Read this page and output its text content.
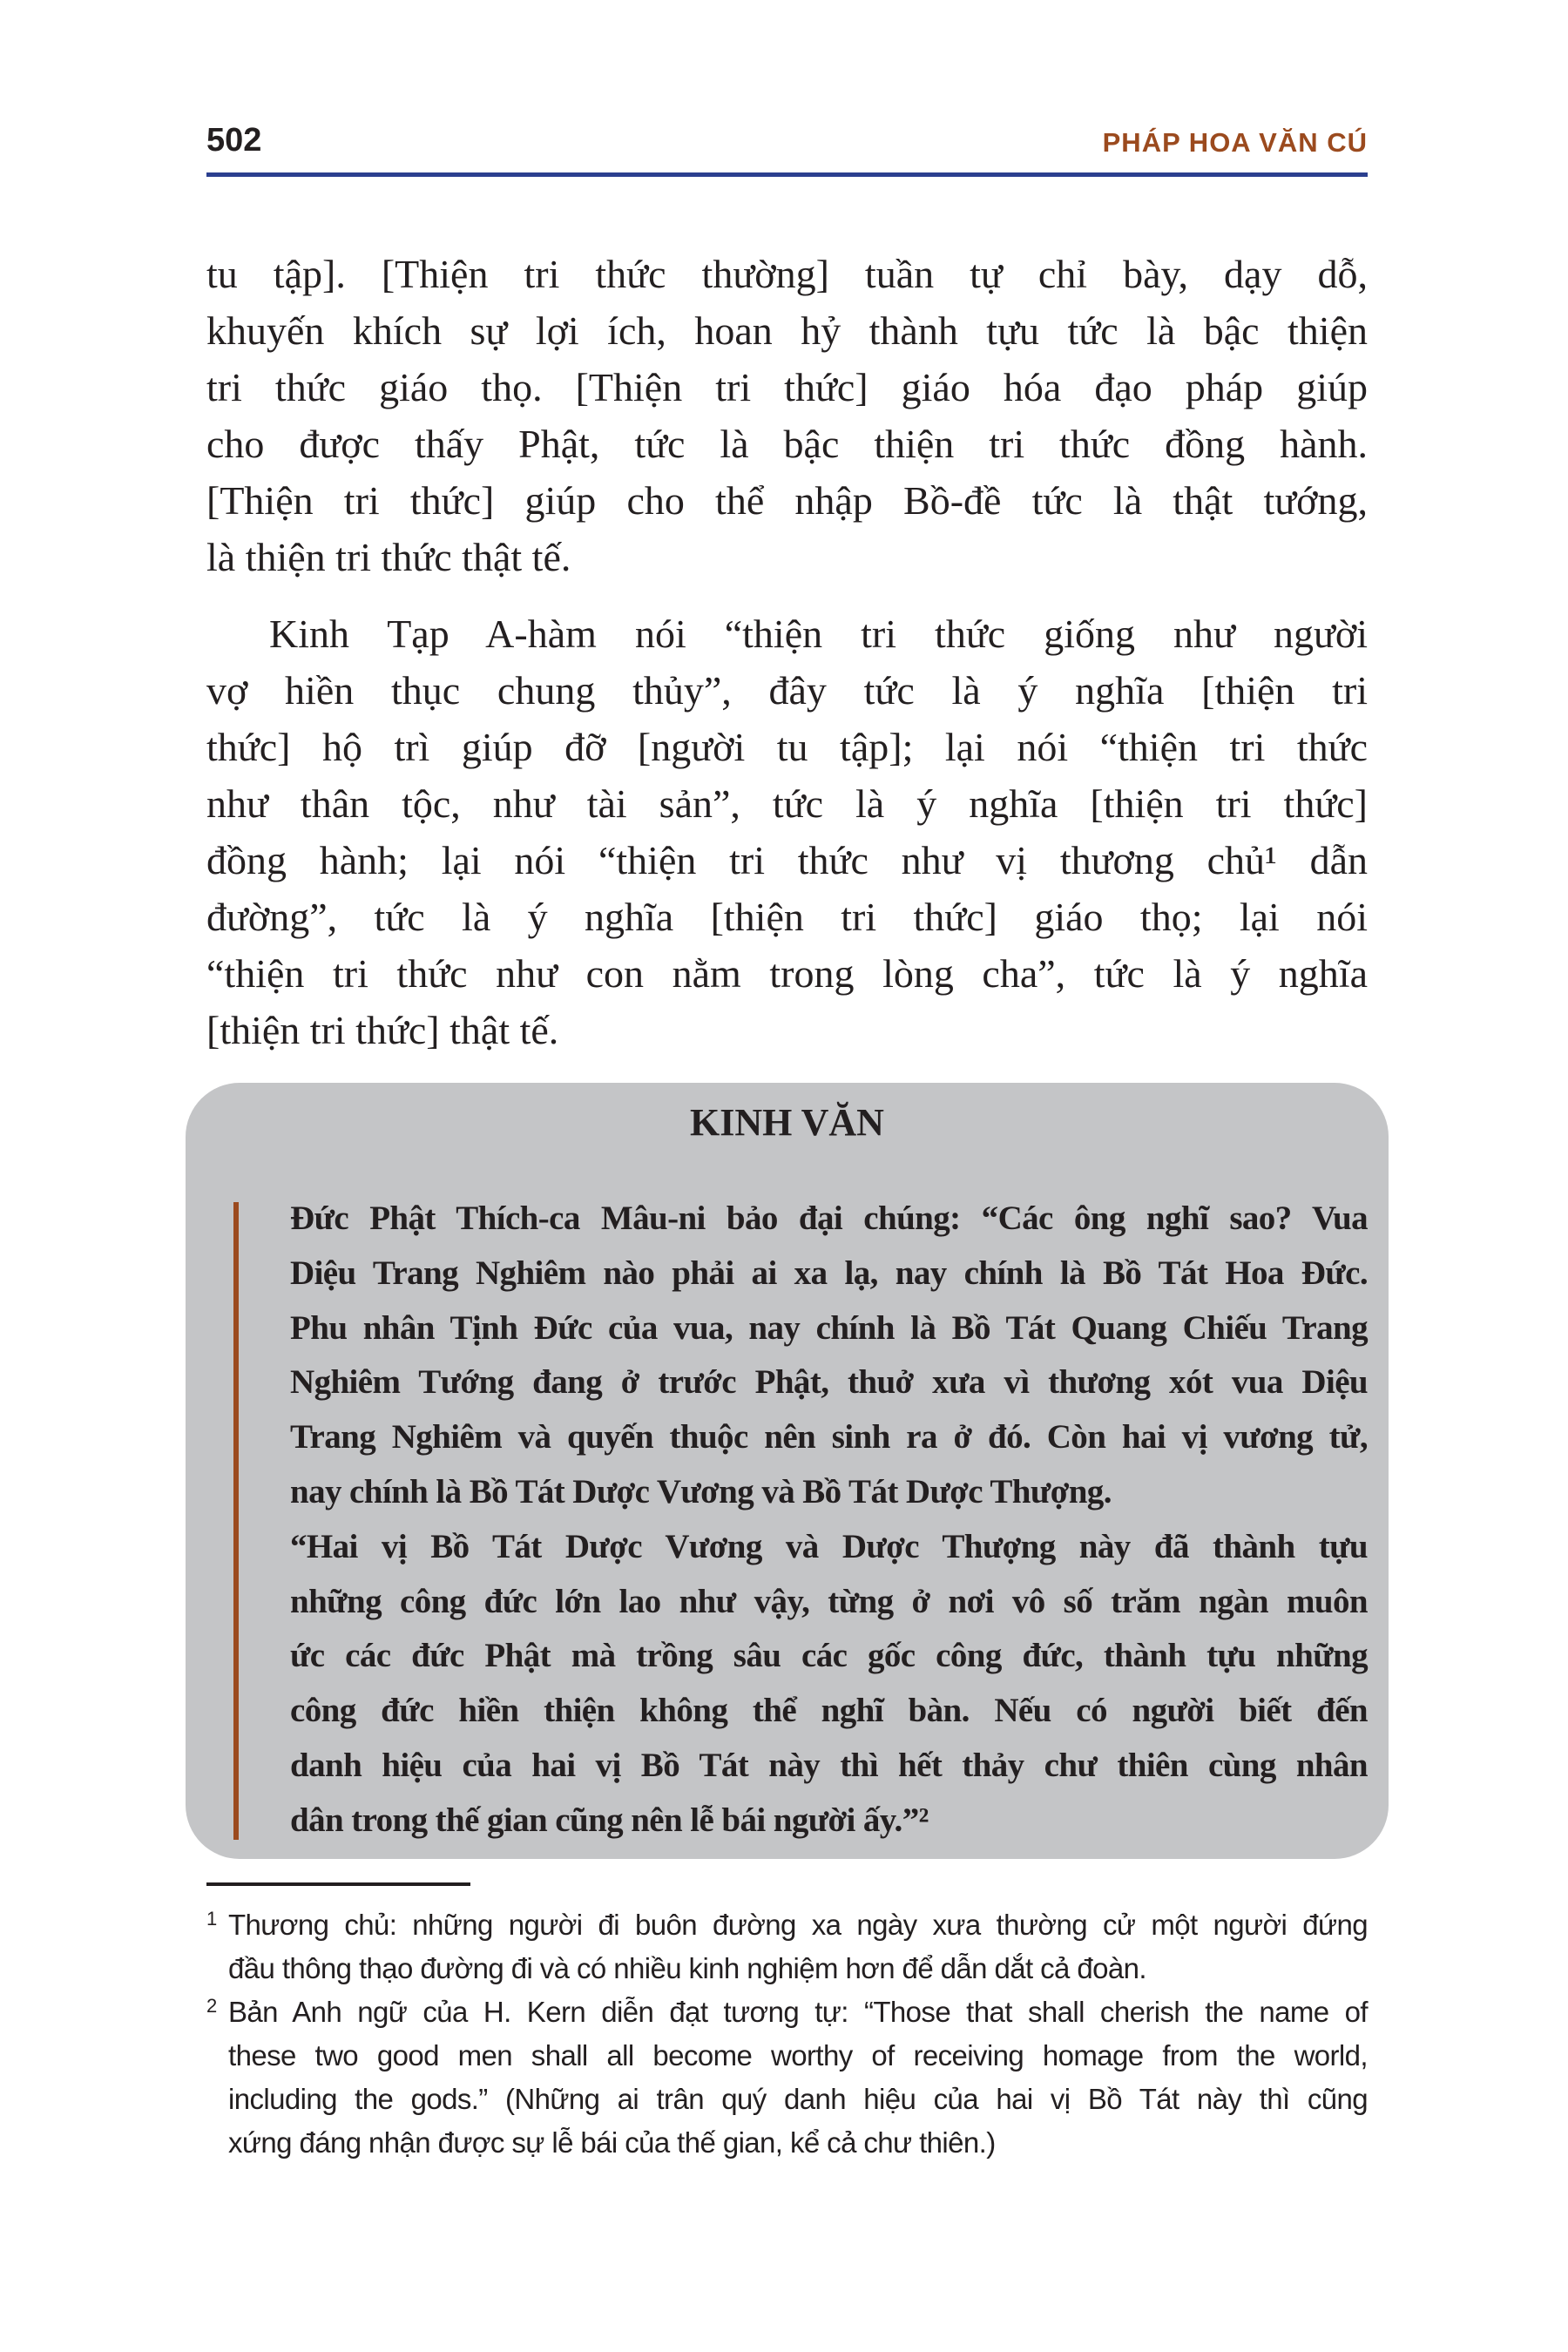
502	PHÁP HOA VĂN CÚ
tu tập]. [Thiện tri thức thường] tuần tự chỉ bày, dạy dỗ,
khuyến khích sự lợi ích, hoan hỷ thành tựu tức là bậc thiện
tri thức giáo thọ. [Thiện tri thức] giáo hóa đạo pháp giúp
cho được thấy Phật, tức là bậc thiện tri thức đồng hành.
[Thiện tri thức] giúp cho thể nhập Bồ-đề tức là thật tướng,
là thiện tri thức thật tế.
Kinh Tạp A-hàm nói “thiện tri thức giống như người
vợ hiền thục chung thủy”, đây tức là ý nghĩa [thiện tri
thức] hộ trì giúp đỡ [người tu tập]; lại nói “thiện tri thức
như thân tộc, như tài sản”, tức là ý nghĩa [thiện tri thức]
đồng hành; lại nói “thiện tri thức như vị thương chủ¹ dẫn
đường”, tức là ý nghĩa [thiện tri thức] giáo thọ; lại nói
“thiện tri thức như con nằm trong lòng cha”, tức là ý nghĩa
[thiện tri thức] thật tế.
KINH VĂN
Đức Phật Thích-ca Mâu-ni bảo đại chúng: “Các ông nghĩ sao? Vua
Diệu Trang Nghiêm nào phải ai xa lạ, nay chính là Bồ Tát Hoa Đức.
Phu nhân Tịnh Đức của vua, nay chính là Bồ Tát Quang Chiếu Trang
Nghiêm Tướng đang ở trước Phật, thuở xưa vì thương xót vua Diệu
Trang Nghiêm và quyến thuộc nên sinh ra ở đó. Còn hai vị vương tử,
nay chính là Bồ Tát Dược Vương và Bồ Tát Dược Thượng.
“Hai vị Bồ Tát Dược Vương và Dược Thượng này đã thành tựu
những công đức lớn lao như vậy, từng ở nơi vô số trăm ngàn muôn
ức các đức Phật mà trồng sâu các gốc công đức, thành tựu những
công đức hiền thiện không thể nghĩ bàn. Nếu có người biết đến
danh hiệu của hai vị Bồ Tát này thì hết thảy chư thiên cùng nhân
dân trong thế gian cũng nên lễ bái người ấy.”²
1 Thương chủ: những người đi buôn đường xa ngày xưa thường cử một người đứng
đầu thông thạo đường đi và có nhiều kinh nghiệm hơn để dẫn dắt cả đoàn.
2 Bản Anh ngữ của H. Kern diễn đạt tương tự: “Those that shall cherish the name of
these two good men shall all become worthy of receiving homage from the world,
including the gods.” (Những ai trân quý danh hiệu của hai vị Bồ Tát này thì cũng
xứng đáng nhận được sự lễ bái của thế gian, kể cả chư thiên.)
